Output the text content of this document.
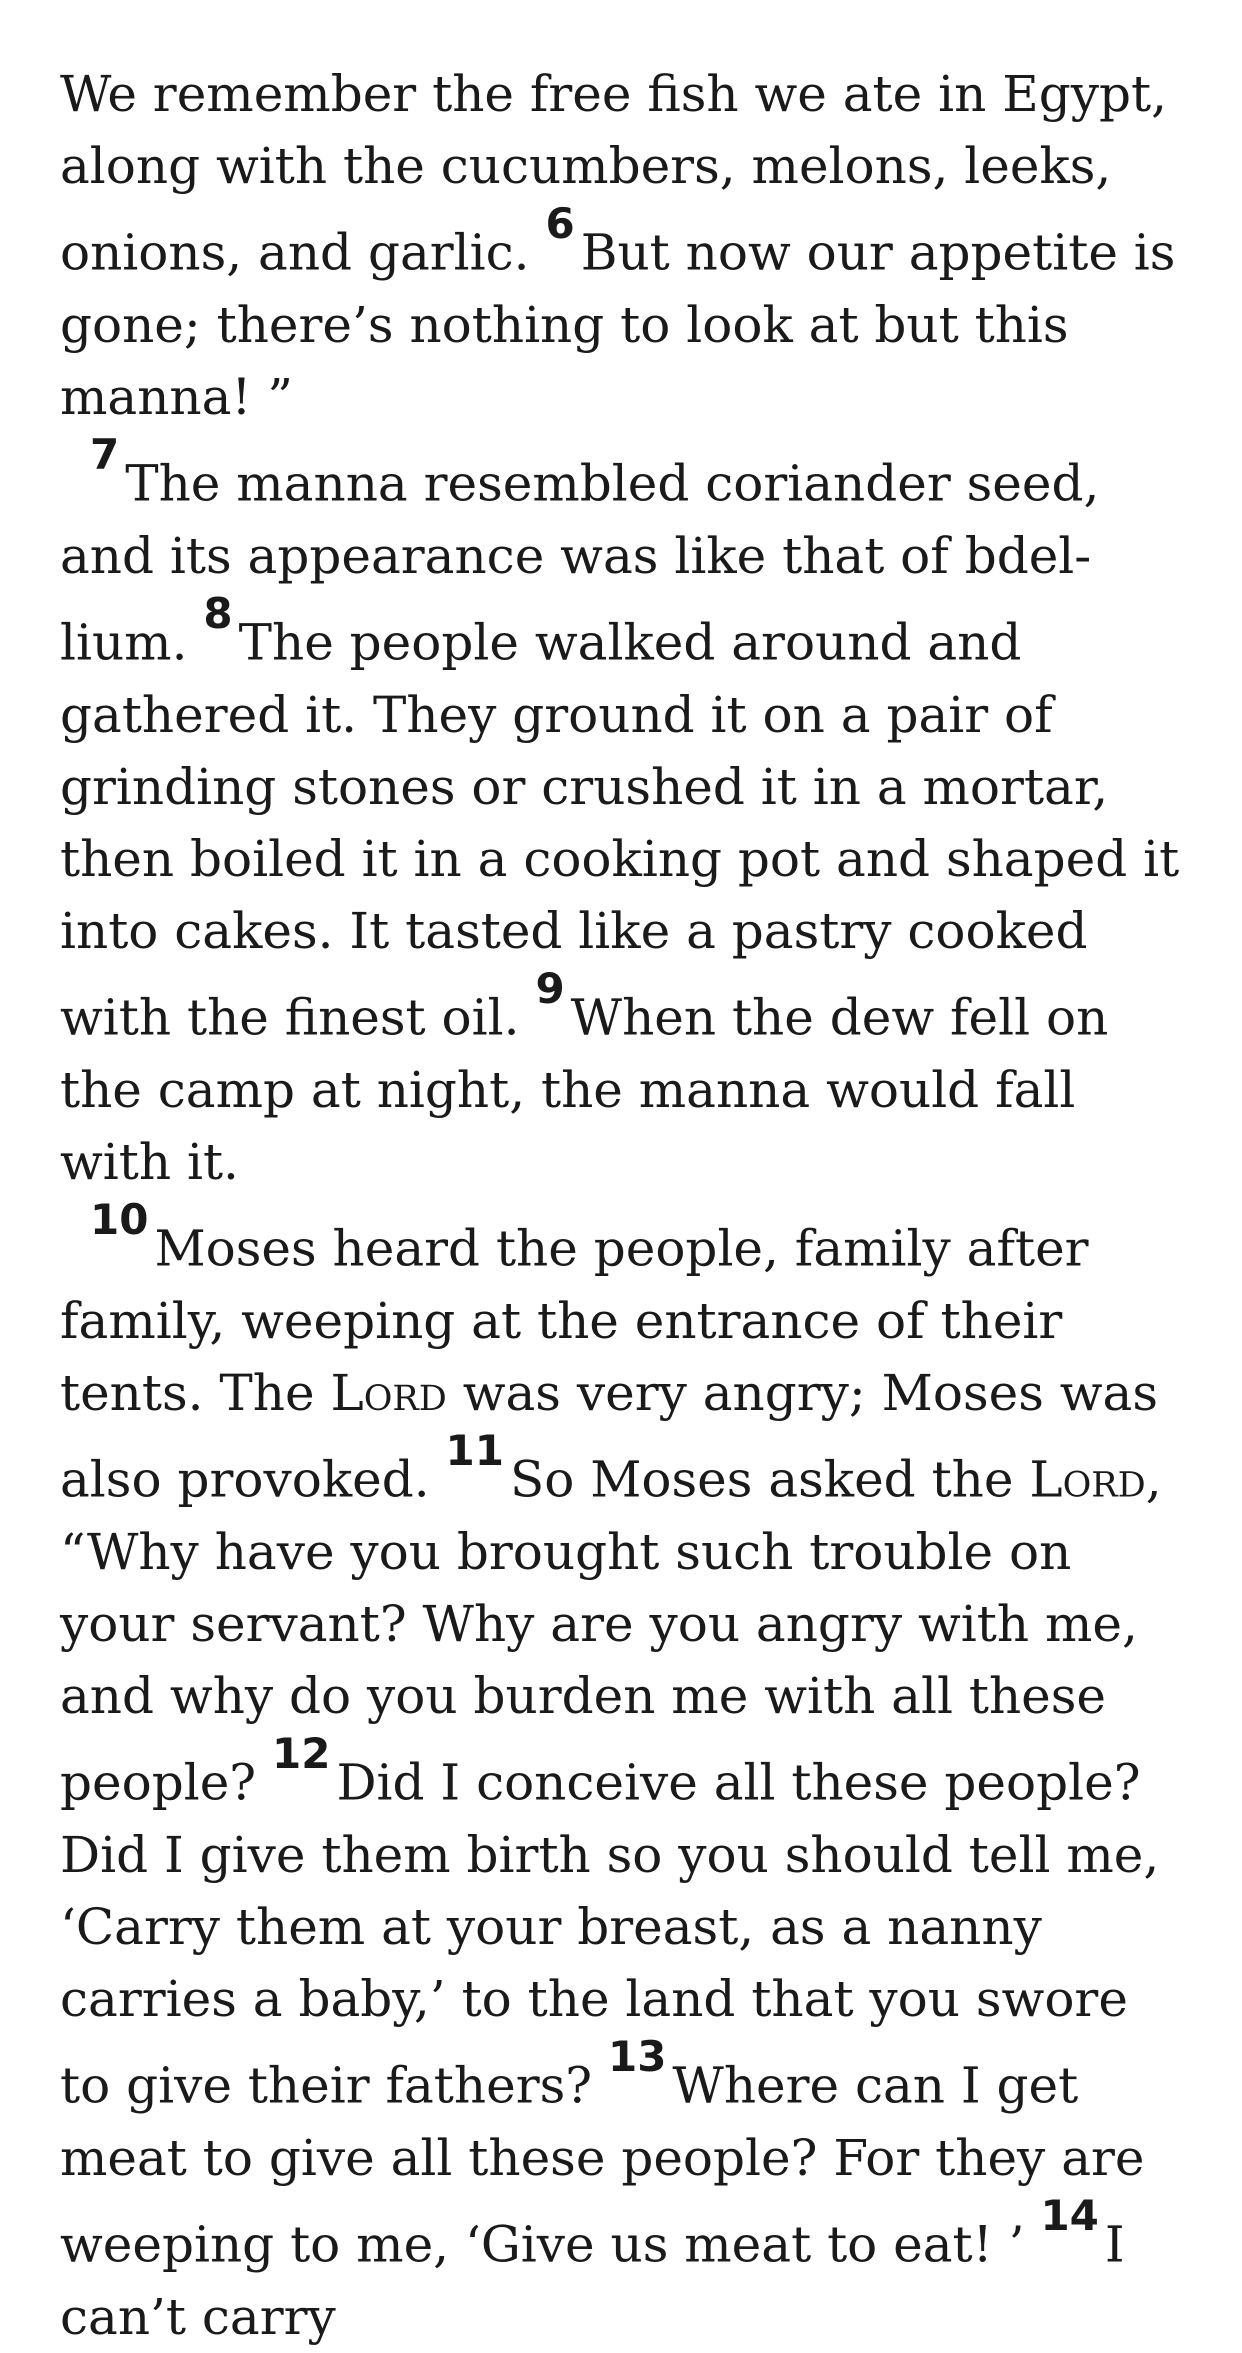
We remember the free fish we ate in Egypt, along with the cucumbers, melons, leeks, onions, and garlic. $^6$But now our appetite is gone; there’s nothing to look at but this manna! ”

$^7$The manna resembled coriander seed, and its appearance was like that of bdel-lium. $^8$The people walked around and gathered it. They ground it on a pair of grinding stones or crushed it in a mortar, then boiled it in a cooking pot and shaped it into cakes. It tasted like a pastry cooked with the finest oil. $^9$When the dew fell on the camp at night, the manna would fall with it.

$^{10}$Moses heard the people, family after family, weeping at the entrance of their tents. The Lord was very angry; Moses was also provoked. $^{11}$So Moses asked the Lord, “Why have you brought such trouble on your servant? Why are you angry with me, and why do you burden me with all these people? $^{12}$Did I conceive all these people? Did I give them birth so you should tell me, ‘Carry them at your breast, as a nanny carries a baby,’ to the land that you swore to give their fathers? $^{13}$Where can I get meat to give all these people? For they are weeping to me, ‘Give us meat to eat! ’ $^{14}$I can’t carry
